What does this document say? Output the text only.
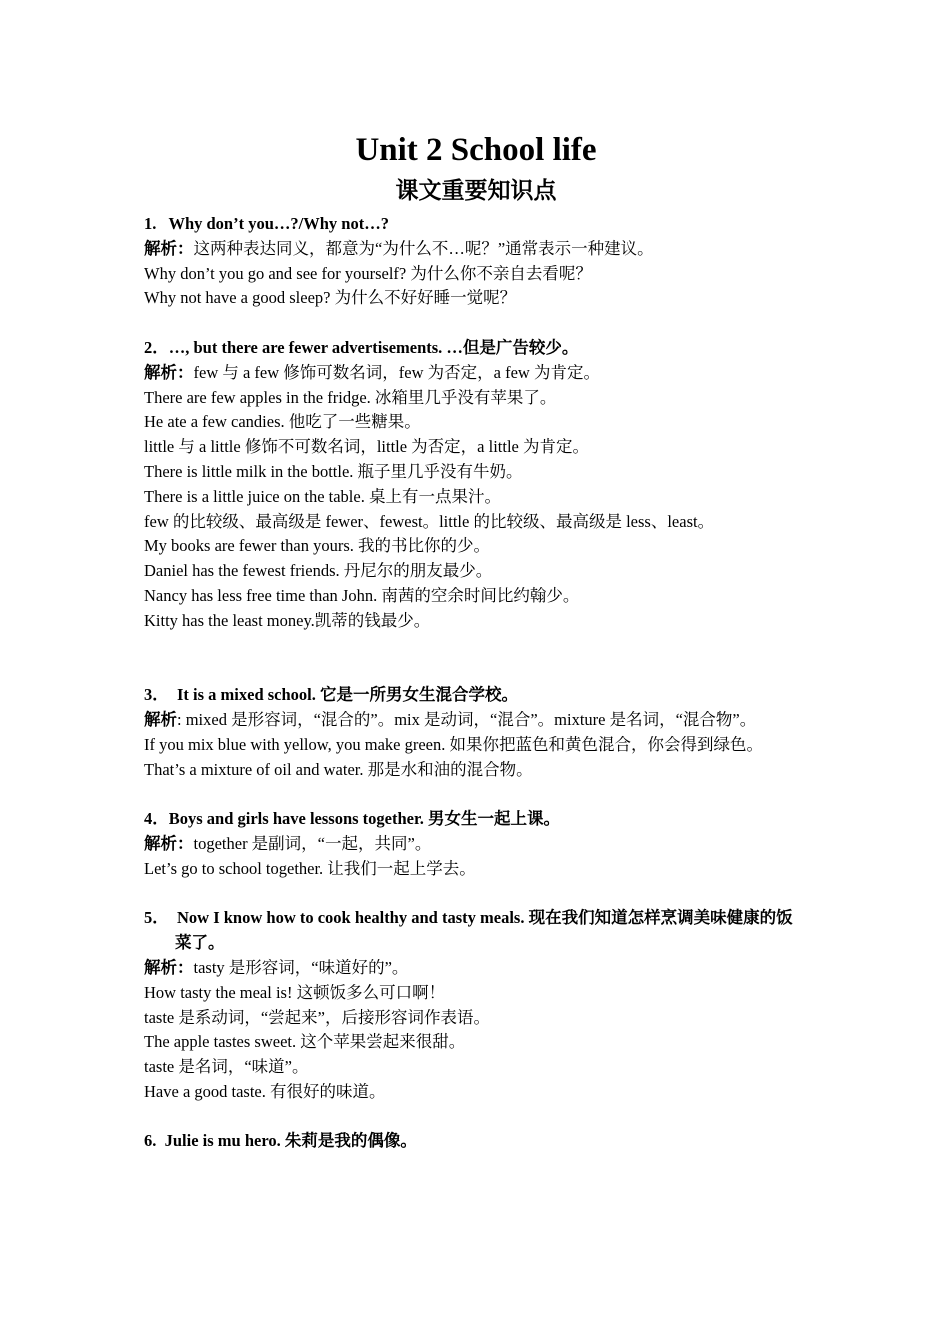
Unit 2 School life
课文重要知识点

1.   Why don’t you…?/Why not…?

解析：这两种表达同义，都意为“为什么不…呢？”通常表示一种建议。

Why don’t you go and see for yourself? 为什么你不亲自去看呢？

Why not have a good sleep? 为什么不好好睡一觉呢？

2．…, but there are fewer advertisements. …但是广告较少。

解析：few 与 a few 修饰可数名词，few 为否定，a few 为肯定。

There are few apples in the fridge. 冰箱里几乎没有苹果了。

He ate a few candies. 他吃了一些糖果。

little 与 a little 修饰不可数名词，little 为否定，a little 为肯定。

There is little milk in the bottle. 瓶子里几乎没有牛奶。

There is a little juice on the table. 桌上有一点果汁。

few 的比较级、最高级是 fewer、fewest。little 的比较级、最高级是 less、least。

My books are fewer than yours. 我的书比你的少。

Daniel has the fewest friends. 丹尼尔的朋友最少。

Nancy has less free time than John. 南茜的空余时间比约翰少。

Kitty has the least money.凯蒂的钱最少。

3．  It is a mixed school. 它是一所男女生混合学校。

解析: mixed 是形容词，“混合的”。mix 是动词，“混合”。mixture 是名词，“混合物”。

If you mix blue with yellow, you make green. 如果你把蓝色和黄色混合，你会得到绿色。

That’s a mixture of oil and water. 那是水和油的混合物。

4．Boys and girls have lessons together. 男女生一起上课。

解析：together 是副词，“一起，共同”。

Let’s go to school together. 让我们一起上学去。

5．  Now I know how to cook healthy and tasty meals. 现在我们知道怎样烹调美味健康的饭菜了。

解析：tasty 是形容词，“味道好的”。

How tasty the meal is! 这顿饭多么可口啊！

taste 是系动词，“尝起来”，后接形容词作表语。

The apple tastes sweet. 这个苹果尝起来很甜。

taste 是名词，“味道”。

Have a good taste. 有很好的味道。

6.  Julie is mu hero. 朱莉是我的偶像。
